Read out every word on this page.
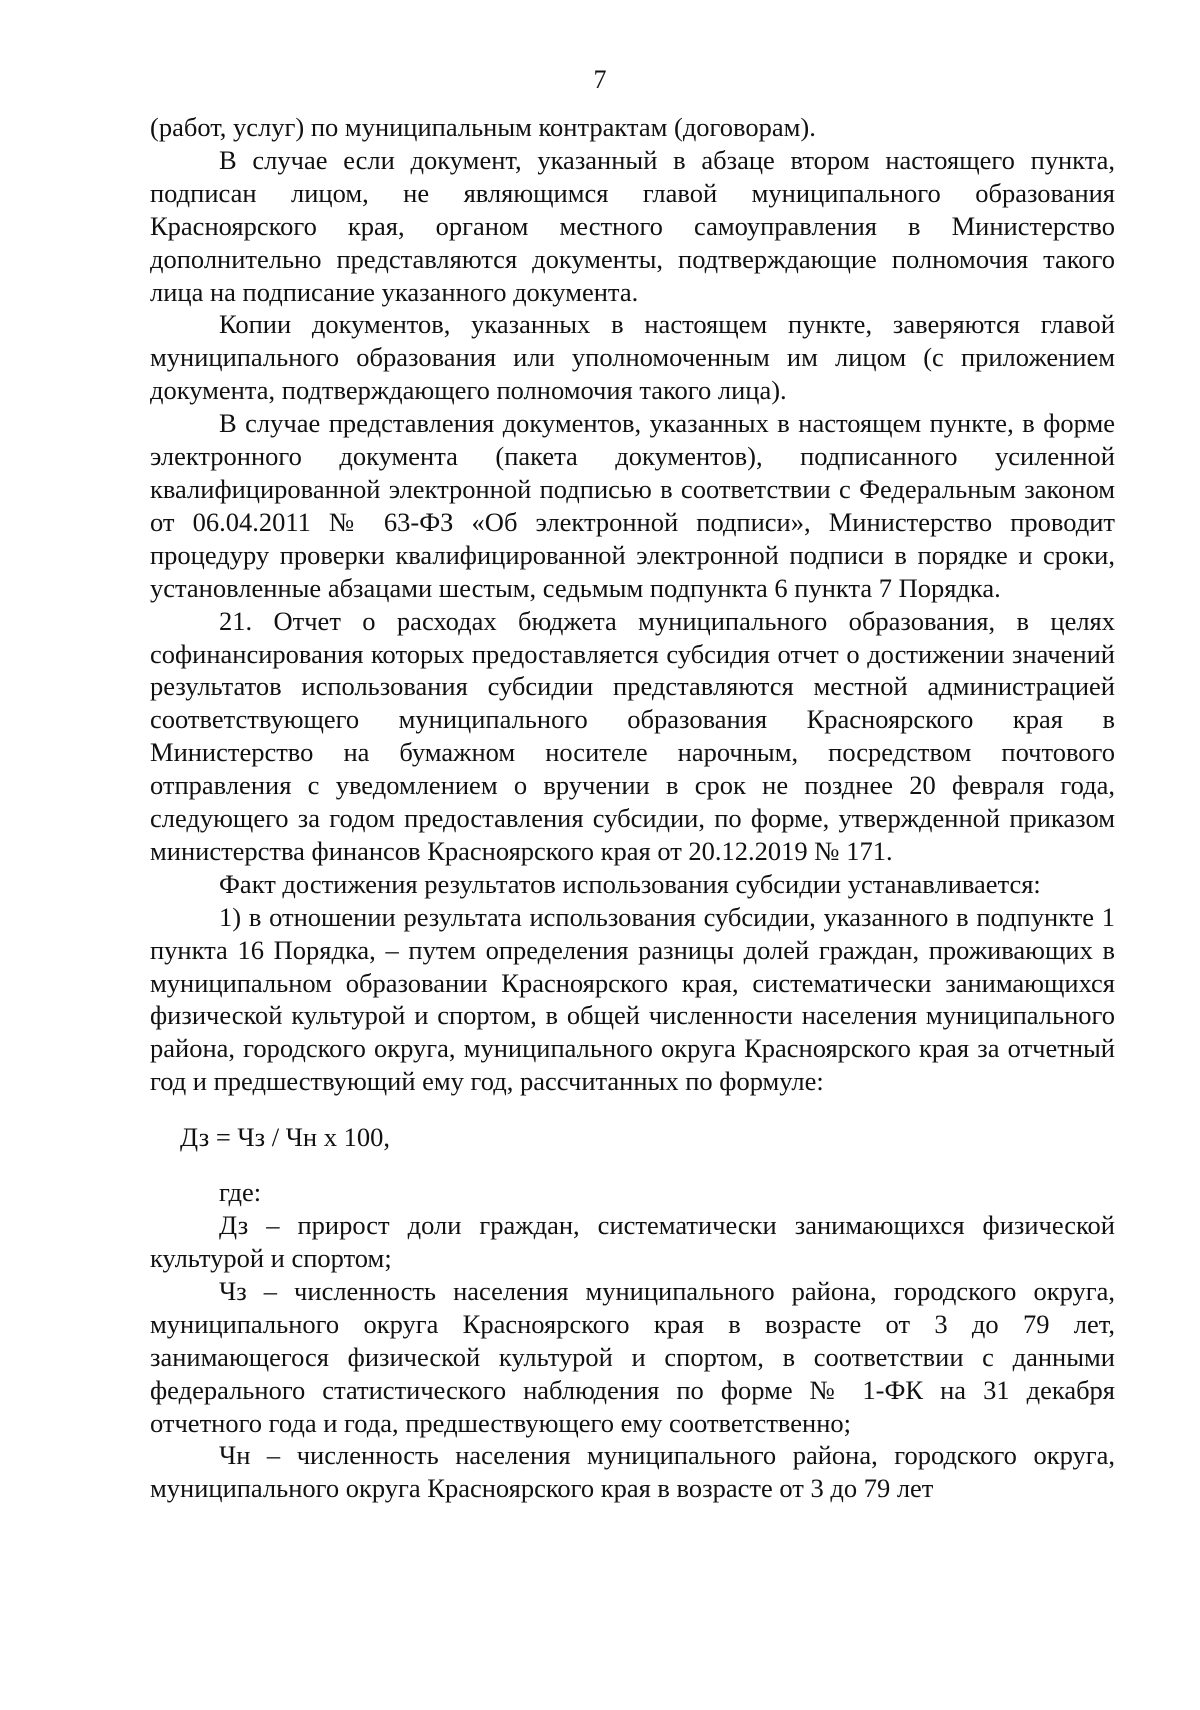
7

(работ, услуг) по муниципальным контрактам (договорам).

В случае если документ, указанный в абзаце втором настоящего пункта, подписан лицом, не являющимся главой муниципального образования Красноярского края, органом местного самоуправления в Министерство дополнительно представляются документы, подтверждающие полномочия такого лица на подписание указанного документа.

Копии документов, указанных в настоящем пункте, заверяются главой муниципального образования или уполномоченным им лицом (с приложением документа, подтверждающего полномочия такого лица).

В случае представления документов, указанных в настоящем пункте, в форме электронного документа (пакета документов), подписанного усиленной квалифицированной электронной подписью в соответствии с Федеральным законом от 06.04.2011 № 63-ФЗ «Об электронной подписи», Министерство проводит процедуру проверки квалифицированной электронной подписи в порядке и сроки, установленные абзацами шестым, седьмым подпункта 6 пункта 7 Порядка.

21. Отчет о расходах бюджета муниципального образования, в целях софинансирования которых предоставляется субсидия отчет о достижении значений результатов использования субсидии представляются местной администрацией соответствующего муниципального образования Красноярского края в Министерство на бумажном носителе нарочным, посредством почтового отправления с уведомлением о вручении в срок не позднее 20 февраля года, следующего за годом предоставления субсидии, по форме, утвержденной приказом министерства финансов Красноярского края от 20.12.2019 № 171.

Факт достижения результатов использования субсидии устанавливается:

1) в отношении результата использования субсидии, указанного в подпункте 1 пункта 16 Порядка, – путем определения разницы долей граждан, проживающих в муниципальном образовании Красноярского края, систематически занимающихся физической культурой и спортом, в общей численности населения муниципального района, городского округа, муниципального округа Красноярского края за отчетный год и предшествующий ему год, рассчитанных по формуле:

Дз = Чз / Чн х 100,

где:

Дз – прирост доли граждан, систематически занимающихся физической культурой и спортом;

Чз – численность населения муниципального района, городского округа, муниципального округа Красноярского края в возрасте от 3 до 79 лет, занимающегося физической культурой и спортом, в соответствии с данными федерального статистического наблюдения по форме № 1-ФК на 31 декабря отчетного года и года, предшествующего ему соответственно;

Чн – численность населения муниципального района, городского округа, муниципального округа Красноярского края в возрасте от 3 до 79 лет
